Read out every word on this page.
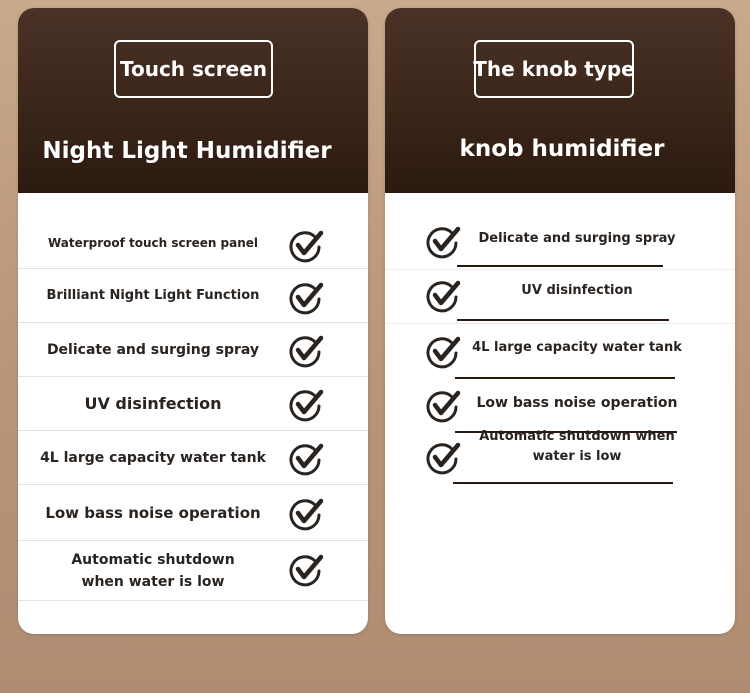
Touch screen
Night Light Humidifier
Waterproof touch screen panel
Brilliant Night Light Function
Delicate and surging spray
UV disinfection
4L large capacity water tank
Low bass noise operation
Automatic shutdown when water is low
The knob type
knob humidifier
Delicate and surging spray
UV disinfection
4L large capacity water tank
Low bass noise operation
Automatic shutdown when water is low
